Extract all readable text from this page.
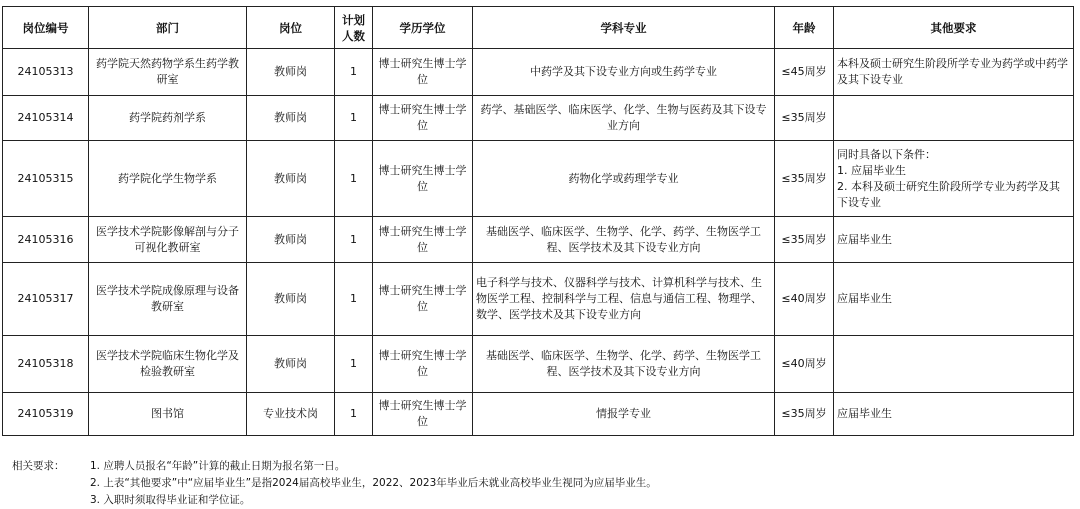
岗位编号	部门	岗位	计划人数	学历学位	学科专业	年龄	其他要求
24105313	药学院天然药物学系生药学教研室	教师岗	1	博士研究生博士学位	中药学及其下设专业方向或生药学专业	≤45周岁	本科及硕士研究生阶段所学专业为药学或中药学及其下设专业
24105314	药学院药剂学系	教师岗	1	博士研究生博士学位	药学、基础医学、临床医学、化学、生物与医药及其下设专业方向	≤35周岁	
24105315	药学院化学生物学系	教师岗	1	博士研究生博士学位	药物化学或药理学专业	≤35周岁	同时具备以下条件：
1. 应届毕业生
2. 本科及硕士研究生阶段所学专业为药学及其下设专业
24105316	医学技术学院影像解剖与分子可视化教研室	教师岗	1	博士研究生博士学位	基础医学、临床医学、生物学、化学、药学、生物医学工程、医学技术及其下设专业方向	≤35周岁	应届毕业生
24105317	医学技术学院成像原理与设备教研室	教师岗	1	博士研究生博士学位	电子科学与技术、仪器科学与技术、计算机科学与技术、生物医学工程、控制科学与工程、信息与通信工程、物理学、数学、医学技术及其下设专业方向	≤40周岁	应届毕业生
24105318	医学技术学院临床生物化学及检验教研室	教师岗	1	博士研究生博士学位	基础医学、临床医学、生物学、化学、药学、生物医学工程、医学技术及其下设专业方向	≤40周岁	
24105319	图书馆	专业技术岗	1	博士研究生博士学位	情报学专业	≤35周岁	应届毕业生
相关要求：	1. 应聘人员报名“年龄”计算的截止日期为报名第一日。
2. 上表“其他要求”中“应届毕业生”是指2024届高校毕业生，2022、2023年毕业后未就业高校毕业生视同为应届毕业生。
3. 入职时须取得毕业证和学位证。
